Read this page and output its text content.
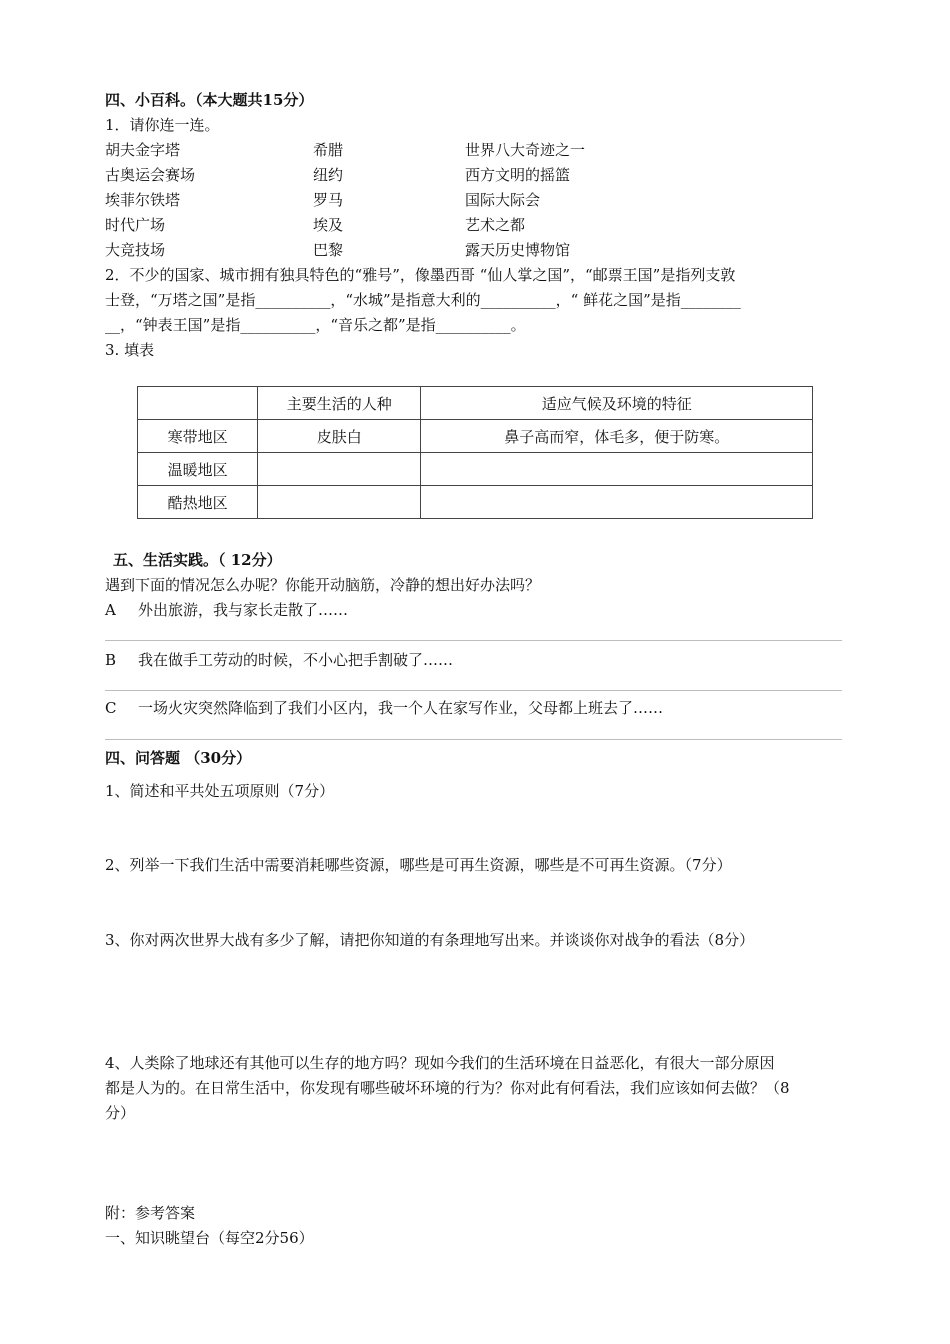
四、小百科。（本大题共15分）
1．请你连一连。
胡夫金字塔	希腊	世界八大奇迹之一
古奥运会赛场	纽约	西方文明的摇篮
埃菲尔铁塔	罗马	国际大际会
时代广场	埃及	艺术之都
大竞技场	巴黎	露天历史博物馆
2．不少的国家、城市拥有独具特色的“雅号”，像墨西哥 “仙人掌之国”，“邮票王国”是指列支敦
士登，“万塔之国”是指__________，“水城”是指意大利的__________，“ 鲜花之国”是指________
__，“钟表王国”是指__________，“音乐之都”是指__________。
3. 填表
	主要生活的人种	适应气候及环境的特征
寒带地区	皮肤白	鼻子高而窄，体毛多，便于防寒。
温暖地区		
酷热地区		
五、生活实践。（ 12分）
遇到下面的情况怎么办呢？你能开动脑筋，冷静的想出好办法吗？
A 外出旅游，我与家长走散了……
B 我在做手工劳动的时候，不小心把手割破了……
C 一场火灾突然降临到了我们小区内，我一个人在家写作业，父母都上班去了……
四、问答题 （30分）
1、简述和平共处五项原则（7分）
2、列举一下我们生活中需要消耗哪些资源，哪些是可再生资源，哪些是不可再生资源。（7分）
3、你对两次世界大战有多少了解，请把你知道的有条理地写出来。并谈谈你对战争的看法（8分）
4、人类除了地球还有其他可以生存的地方吗？现如今我们的生活环境在日益恶化，有很大一部分原因
都是人为的。在日常生活中，你发现有哪些破坏环境的行为？你对此有何看法，我们应该如何去做？（8
分）
附：参考答案
一、知识眺望台（每空2分56）
